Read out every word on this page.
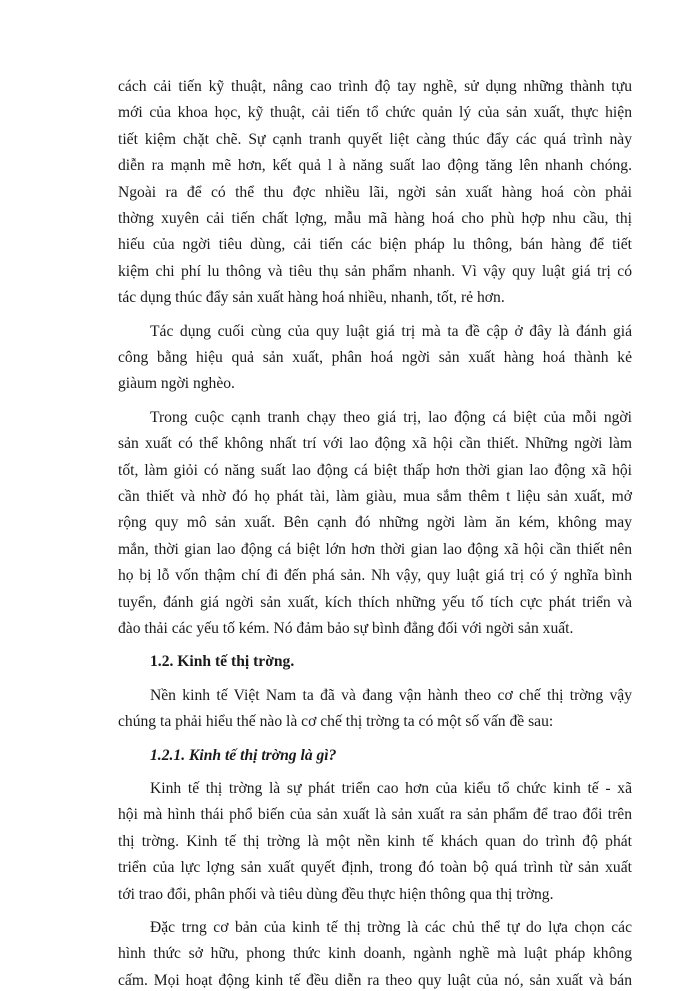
cách cải tiến kỹ thuật, nâng cao trình độ tay nghề, sử dụng những thành tựu

mới của khoa học, kỹ thuật, cải tiến tổ chức quản lý của sản xuất, thực hiện

tiết kiệm chặt chẽ. Sự cạnh tranh quyết liệt càng thúc đẩy các quá trình này

diễn ra mạnh mẽ hơn, kết quả l à năng suất lao động tăng lên nhanh chóng.

Ngoài ra để có thể thu đợc nhiều lãi, ngời sản xuất hàng hoá còn phải

thờng xuyên cải tiến chất lợng, mẫu mã hàng hoá cho phù hợp nhu cầu, thị

hiếu của ngời tiêu dùng, cải tiến các biện pháp lu thông, bán hàng để tiết

kiệm chi phí lu thông và tiêu thụ sản phẩm nhanh. Vì vậy quy luật giá trị có

tác dụng thúc đẩy sản xuất hàng hoá nhiều, nhanh, tốt, rẻ hơn.

Tác dụng cuối cùng của quy luật giá trị mà ta đề cập ở đây là đánh giá

công bằng hiệu quả sản xuất, phân hoá ngời sản xuất hàng hoá thành kẻ

giàum ngời nghèo.

Trong cuộc cạnh tranh chạy theo giá trị, lao động cá biệt của mỗi ngời

sản xuất có thể không nhất trí với lao động xã hội cần thiết. Những ngời làm

tốt, làm giỏi có năng suất lao động cá biệt thấp hơn thời gian lao động xã hội

cần thiết và nhờ đó họ phát tài, làm giàu, mua sắm thêm t liệu sản xuất, mở

rộng quy mô sản xuất. Bên cạnh đó những ngời làm ăn kém, không may

mắn, thời gian lao động cá biệt lớn hơn thời gian lao động xã hội cần thiết nên

họ bị lỗ vốn thậm chí đi đến phá sản. Nh vậy, quy luật giá trị có ý nghĩa bình

tuyển, đánh giá ngời sản xuất, kích thích những yếu tố tích cực phát triển và

đào thải các yếu tố kém. Nó đảm bảo sự bình đẳng đối với ngời sản xuất.

1.2. Kinh tế thị trờng.

Nền kinh tế Việt Nam ta đã và đang vận hành theo cơ chế thị trờng vậy

chúng ta phải hiểu thế nào là cơ chế thị trờng ta có một số vấn đề sau:

1.2.1. Kinh tế thị trờng là gì?

Kinh tế thị trờng là sự phát triển cao hơn của kiểu tổ chức kinh tế - xã

hội mà hình thái phổ biến của sản xuất là sản xuất ra sản phẩm để trao đổi trên

thị trờng. Kinh tế thị trờng là một nền kinh tế khách quan do trình độ phát

triển của lực lợng sản xuất quyết định, trong đó toàn bộ quá trình từ sản xuất

tới trao đổi, phân phối và tiêu dùng đều thực hiện thông qua thị trờng.

Đặc trng cơ bản của kinh tế thị trờng là các chủ thể tự do lựa chọn các

hình thức sở hữu, phong thức kinh doanh, ngành nghề mà luật pháp không

cấm. Mọi hoạt động kinh tế đều diễn ra theo quy luật của nó, sản xuất và bán
